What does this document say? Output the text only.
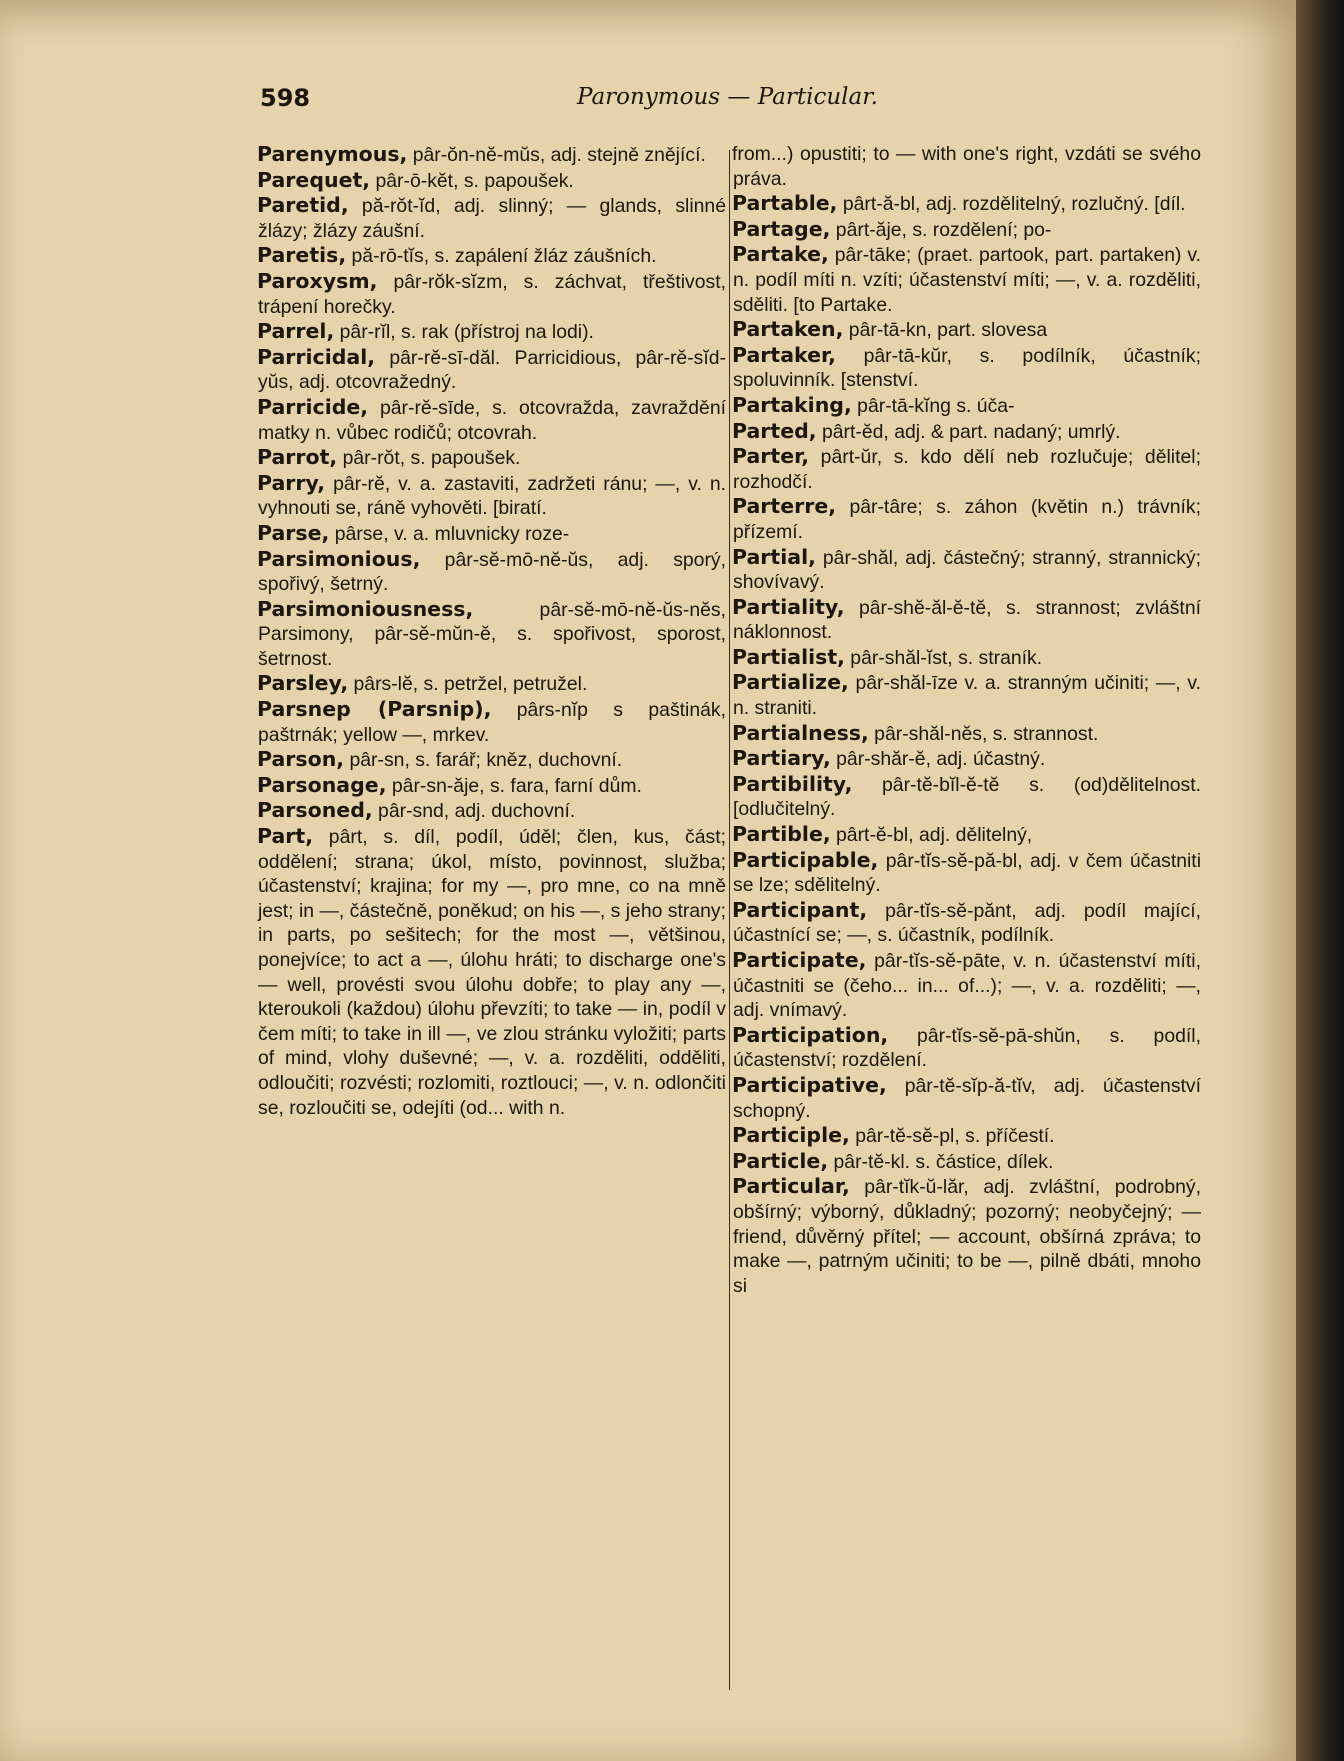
598	Paronymous — Particular.
Parenymous, pâr-ŏn-nĕ-mŭs, adj. stejně znějící.
Parequet, pâr-ō-kĕt, s. papoušek.
Paretid, pă-rŏt-ĭd, adj. slinný; — glands, slinné žlázy; žlázy záušní.
Paretis, pă-rō-tĭs, s. zapálení žláz záušních.
Paroxysm, pâr-rŏk-sĭzm, s. záchvat, třeštivost, trápení horečky.
Parrel, pâr-rĭl, s. rak (přístroj na lodi).
Parricidal, pâr-rĕ-sī-dăl. Parricidious, pâr-rĕ-sĭd-yŭs, adj. otcovražedný.
Parricide, pâr-rĕ-sīde, s. otcovražda, zavraždění matky n. vůbec rodičů; otcovrah.
Parrot, pâr-rŏt, s. papoušek.
Parry, pâr-rĕ, v. a. zastaviti, zadržeti ránu; —, v. n. vyhnouti se, ráně vyhověti. [biratí.
Parse, pârse, v. a. mluvnicky roze-
Parsimonious, pâr-sĕ-mō-nĕ-ŭs, adj. sporý, spořivý, šetrný.
Parsimoniousness, pâr-sĕ-mō-nĕ-ŭs-nĕs, Parsimony, pâr-sĕ-mŭn-ĕ, s. spořivost, sporost, šetrnost.
Parsley, pârs-lĕ, s. petržel, petružel.
Parsnep (Parsnip), pârs-nĭp s paštinák, paštrnák; yellow —, mrkev.
Parson, pâr-sn, s. farář; kněz, duchovní.
Parsonage, pâr-sn-ăje, s. fara, farní dům.
Parsoned, pâr-snd, adj. duchovní.
Part, pârt, s. díl, podíl, úděl; člen, kus, část; oddělení; strana; úkol, místo, povinnost, služba; účastenství; krajina; for my —, pro mne, co na mně jest; in —, částečně, poněkud; on his —, s jeho strany; in parts, po sešitech; for the most —, většinou, ponejvíce; to act a —, úlohu hráti; to discharge one's — well, provésti svou úlohu dobře; to play any —, kteroukoli (každou) úlohu převzíti; to take — in, podíl v čem míti; to take in ill —, ve zlou stránku vyložiti; parts of mind, vlohy duševné; —, v. a. rozděliti, odděliti, odloučiti; rozvésti; rozlomiti, roztlouci; —, v. n. odlončiti se, rozloučiti se, odejíti (od... with n.
from...) opustiti; to — with one's right, vzdáti se svého práva.
Partable, pârt-ă-bl, adj. rozdělitelný, rozlučný. [díl.
Partage, pârt-ăje, s. rozdělení; po-
Partake, pâr-tāke; (praet. partook, part. partaken) v. n. podíl míti n. vzíti; účastenství míti; —, v. a. rozděliti, sděliti. [to Partake.
Partaken, pâr-tā-kn, part. slovesa
Partaker, pâr-tā-kŭr, s. podílník, účastník; spoluvinník. [stenství.
Partaking, pâr-tā-kĭng s. úča-
Parted, pârt-ĕd, adj. & part. nadaný; umrlý.
Parter, pârt-ŭr, s. kdo dělí neb rozlučuje; dělitel; rozhodčí.
Parterre, pâr-târe; s. záhon (květin n.) trávník; přízemí.
Partial, pâr-shăl, adj. částečný; stranný, strannický; shovívavý.
Partiality, pâr-shĕ-ăl-ĕ-tĕ, s. strannost; zvláštní náklonnost.
Partialist, pâr-shăl-ĭst, s. straník.
Partialize, pâr-shăl-īze v. a. stranným učiniti; —, v. n. straniti.
Partialness, pâr-shăl-nĕs, s. strannost.
Partiary, pâr-shăr-ĕ, adj. účastný.
Partibility, pâr-tĕ-bĭl-ĕ-tĕ s. (od)dělitelnost. [odlučitelný.
Partible, pârt-ĕ-bl, adj. dělitelný,
Participable, pâr-tĭs-sĕ-pă-bl, adj. v čem účastniti se lze; sdělitelný.
Participant, pâr-tĭs-sĕ-pănt, adj. podíl mající, účastnící se; —, s. účastník, podílník.
Participate, pâr-tĭs-sĕ-pāte, v. n. účastenství míti, účastniti se (čeho... in... of...); —, v. a. rozděliti; —, adj. vnímavý.
Participation, pâr-tĭs-sĕ-pā-shŭn, s. podíl, účastenství; rozdělení.
Participative, pâr-tĕ-sĭp-ă-tĭv, adj. účastenství schopný.
Participle, pâr-tĕ-sĕ-pl, s. příčestí.
Particle, pâr-tĕ-kl. s. částice, dílek.
Particular, pâr-tĭk-ŭ-lăr, adj. zvláštní, podrobný, obšírný; výborný, důkladný; pozorný; neobyčejný; — friend, důvěrný přítel; — account, obšírná zpráva; to make —, patrným učiniti; to be —, pilně dbáti, mnoho si
